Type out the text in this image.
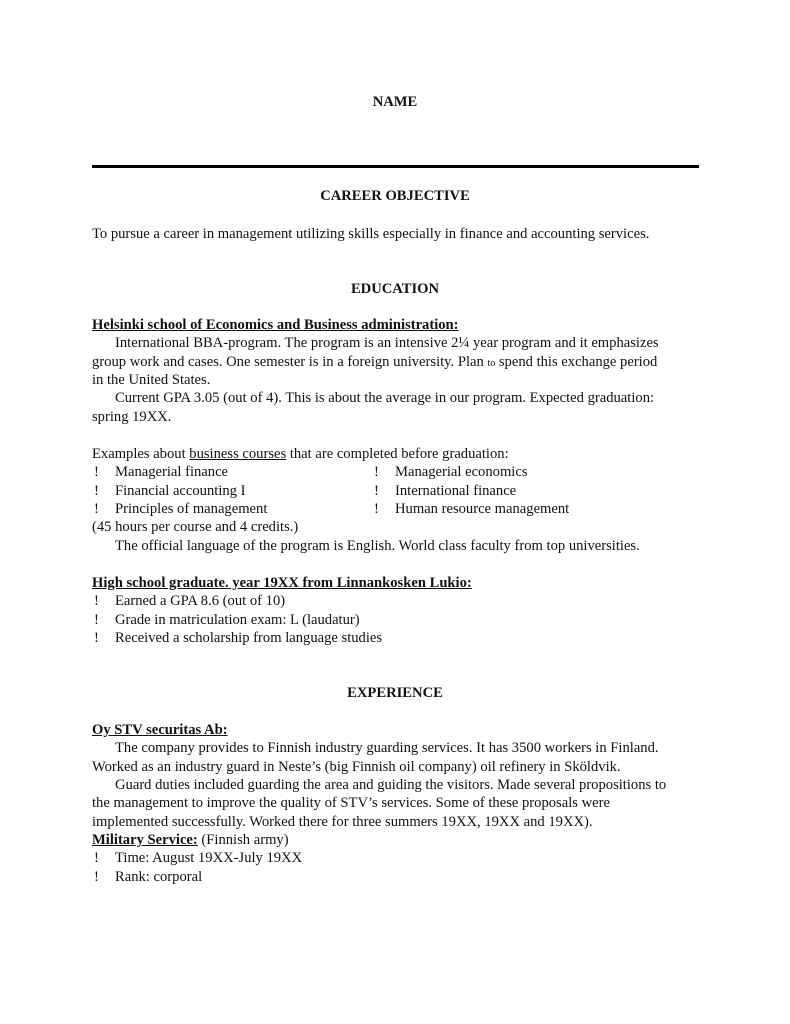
NAME
CAREER OBJECTIVE
To pursue a career in management utilizing skills especially in finance and accounting services.
EDUCATION
Helsinki school of Economics and Business administration:
International BBA-program. The program is an intensive 2¼ year program and it emphasizes
group work and cases. One semester is in a foreign university. Plan to spend this exchange period
in the United States.
Current GPA 3.05 (out of 4). This is about the average in our program. Expected graduation:
spring 19XX.
Examples about business courses that are completed before graduation:
! Managerial finance	! Managerial economics
! Financial accounting I	! International finance
! Principles of management	! Human resource management
(45 hours per course and 4 credits.)
The official language of the program is English. World class faculty from top universities.
High school graduate. year 19XX from Linnankosken Lukio:
! Earned a GPA 8.6 (out of 10)
! Grade in matriculation exam: L (laudatur)
! Received a scholarship from language studies
EXPERIENCE
Oy STV securitas Ab:
The company provides to Finnish industry guarding services. It has 3500 workers in Finland.
Worked as an industry guard in Neste’s (big Finnish oil company) oil refinery in Sköldvik.
Guard duties included guarding the area and guiding the visitors. Made several propositions to
the management to improve the quality of STV’s services. Some of these proposals were
implemented successfully. Worked there for three summers 19XX, 19XX and 19XX).
Military Service: (Finnish army)
! Time: August 19XX-July 19XX
! Rank: corporal
